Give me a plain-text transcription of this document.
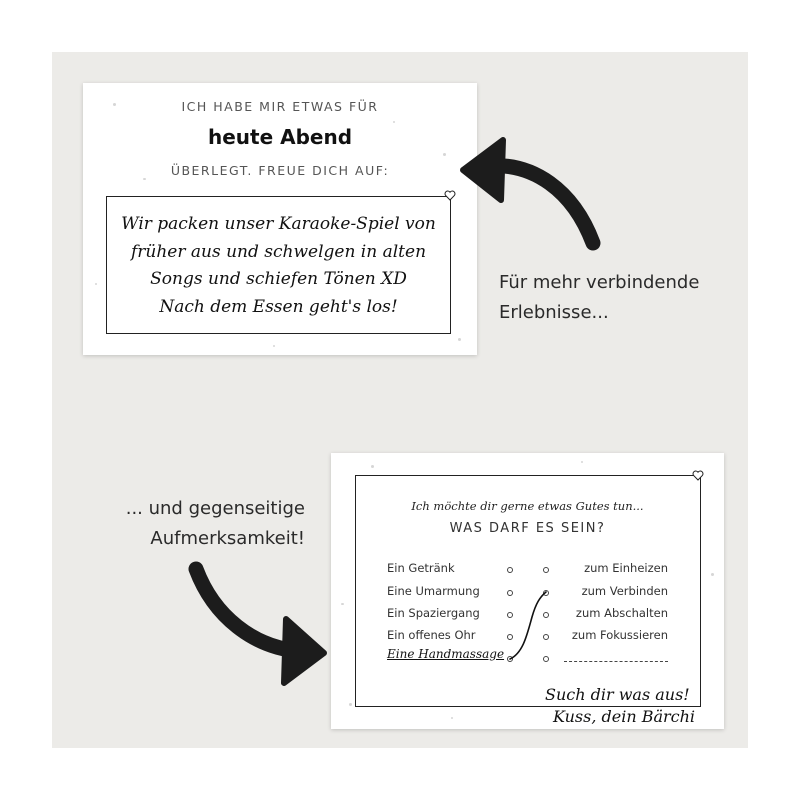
ICH HABE MIR ETWAS FÜR
heute Abend
ÜBERLEGT. FREUE DICH AUF:
Wir packen unser Karaoke-Spiel von
früher aus und schwelgen in alten
Songs und schiefen Tönen XD
Nach dem Essen geht's los!
Für mehr verbindende
Erlebnisse...
... und gegenseitige
Aufmerksamkeit!
Ich möchte dir gerne etwas Gutes tun...
WAS DARF ES SEIN?
Ein Getränk
Eine Umarmung
Ein Spaziergang
Ein offenes Ohr
Eine Handmassage
zum Einheizen
zum Verbinden
zum Abschalten
zum Fokussieren
Such dir was aus!
Kuss, dein Bärchi
